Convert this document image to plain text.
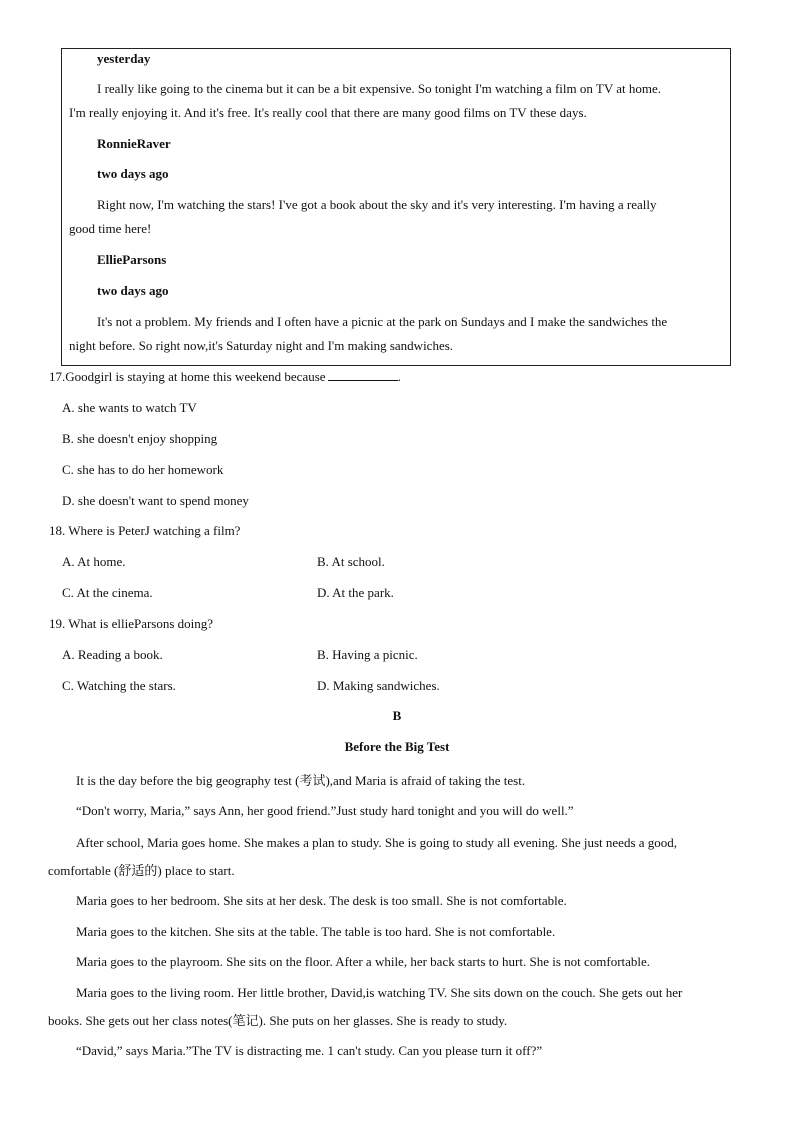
yesterday
I really like going to the cinema but it can be a bit expensive. So tonight I'm watching a film on TV at home.
I'm really enjoying it. And it's free. It's really cool that there are many good films on TV these days.
RonnieRaver
two days ago
Right now, I'm watching the stars! I've got a book about the sky and it's very interesting. I'm having a really
good time here!
EllieParsons
two days ago
It's not a problem. My friends and I often have a picnic at the park on Sundays and I make the sandwiches the
night before. So right now,it's Saturday night and I'm making sandwiches.
17.Goodgirl is staying at home this weekend because	.
A. she wants to watch TV
B. she doesn't enjoy shopping
C. she has to do her homework
D. she doesn't want to spend money
18. Where is PeterJ watching a film?
A. At home.	B. At school.
C. At the cinema.	D. At the park.
19. What is ellieParsons doing?
A. Reading a book.	B. Having a picnic.
C. Watching the stars.	D. Making sandwiches.
B
Before the Big Test
It is the day before the big geography test (考试),and Maria is afraid of taking the test.
“Don't worry, Maria,” says Ann, her good friend.”Just study hard tonight and you will do well.”
After school, Maria goes home. She makes a plan to study. She is going to study all evening. She just needs a good,
comfortable (舒适的) place to start.
Maria goes to her bedroom. She sits at her desk. The desk is too small. She is not comfortable.
Maria goes to the kitchen. She sits at the table. The table is too hard. She is not comfortable.
Maria goes to the playroom. She sits on the floor. After a while, her back starts to hurt. She is not comfortable.
Maria goes to the living room. Her little brother, David,is watching TV. She sits down on the couch. She gets out her
books. She gets out her class notes(笔记). She puts on her glasses. She is ready to study.
“David,” says Maria.”The TV is distracting me. 1 can't study. Can you please turn it off?”
